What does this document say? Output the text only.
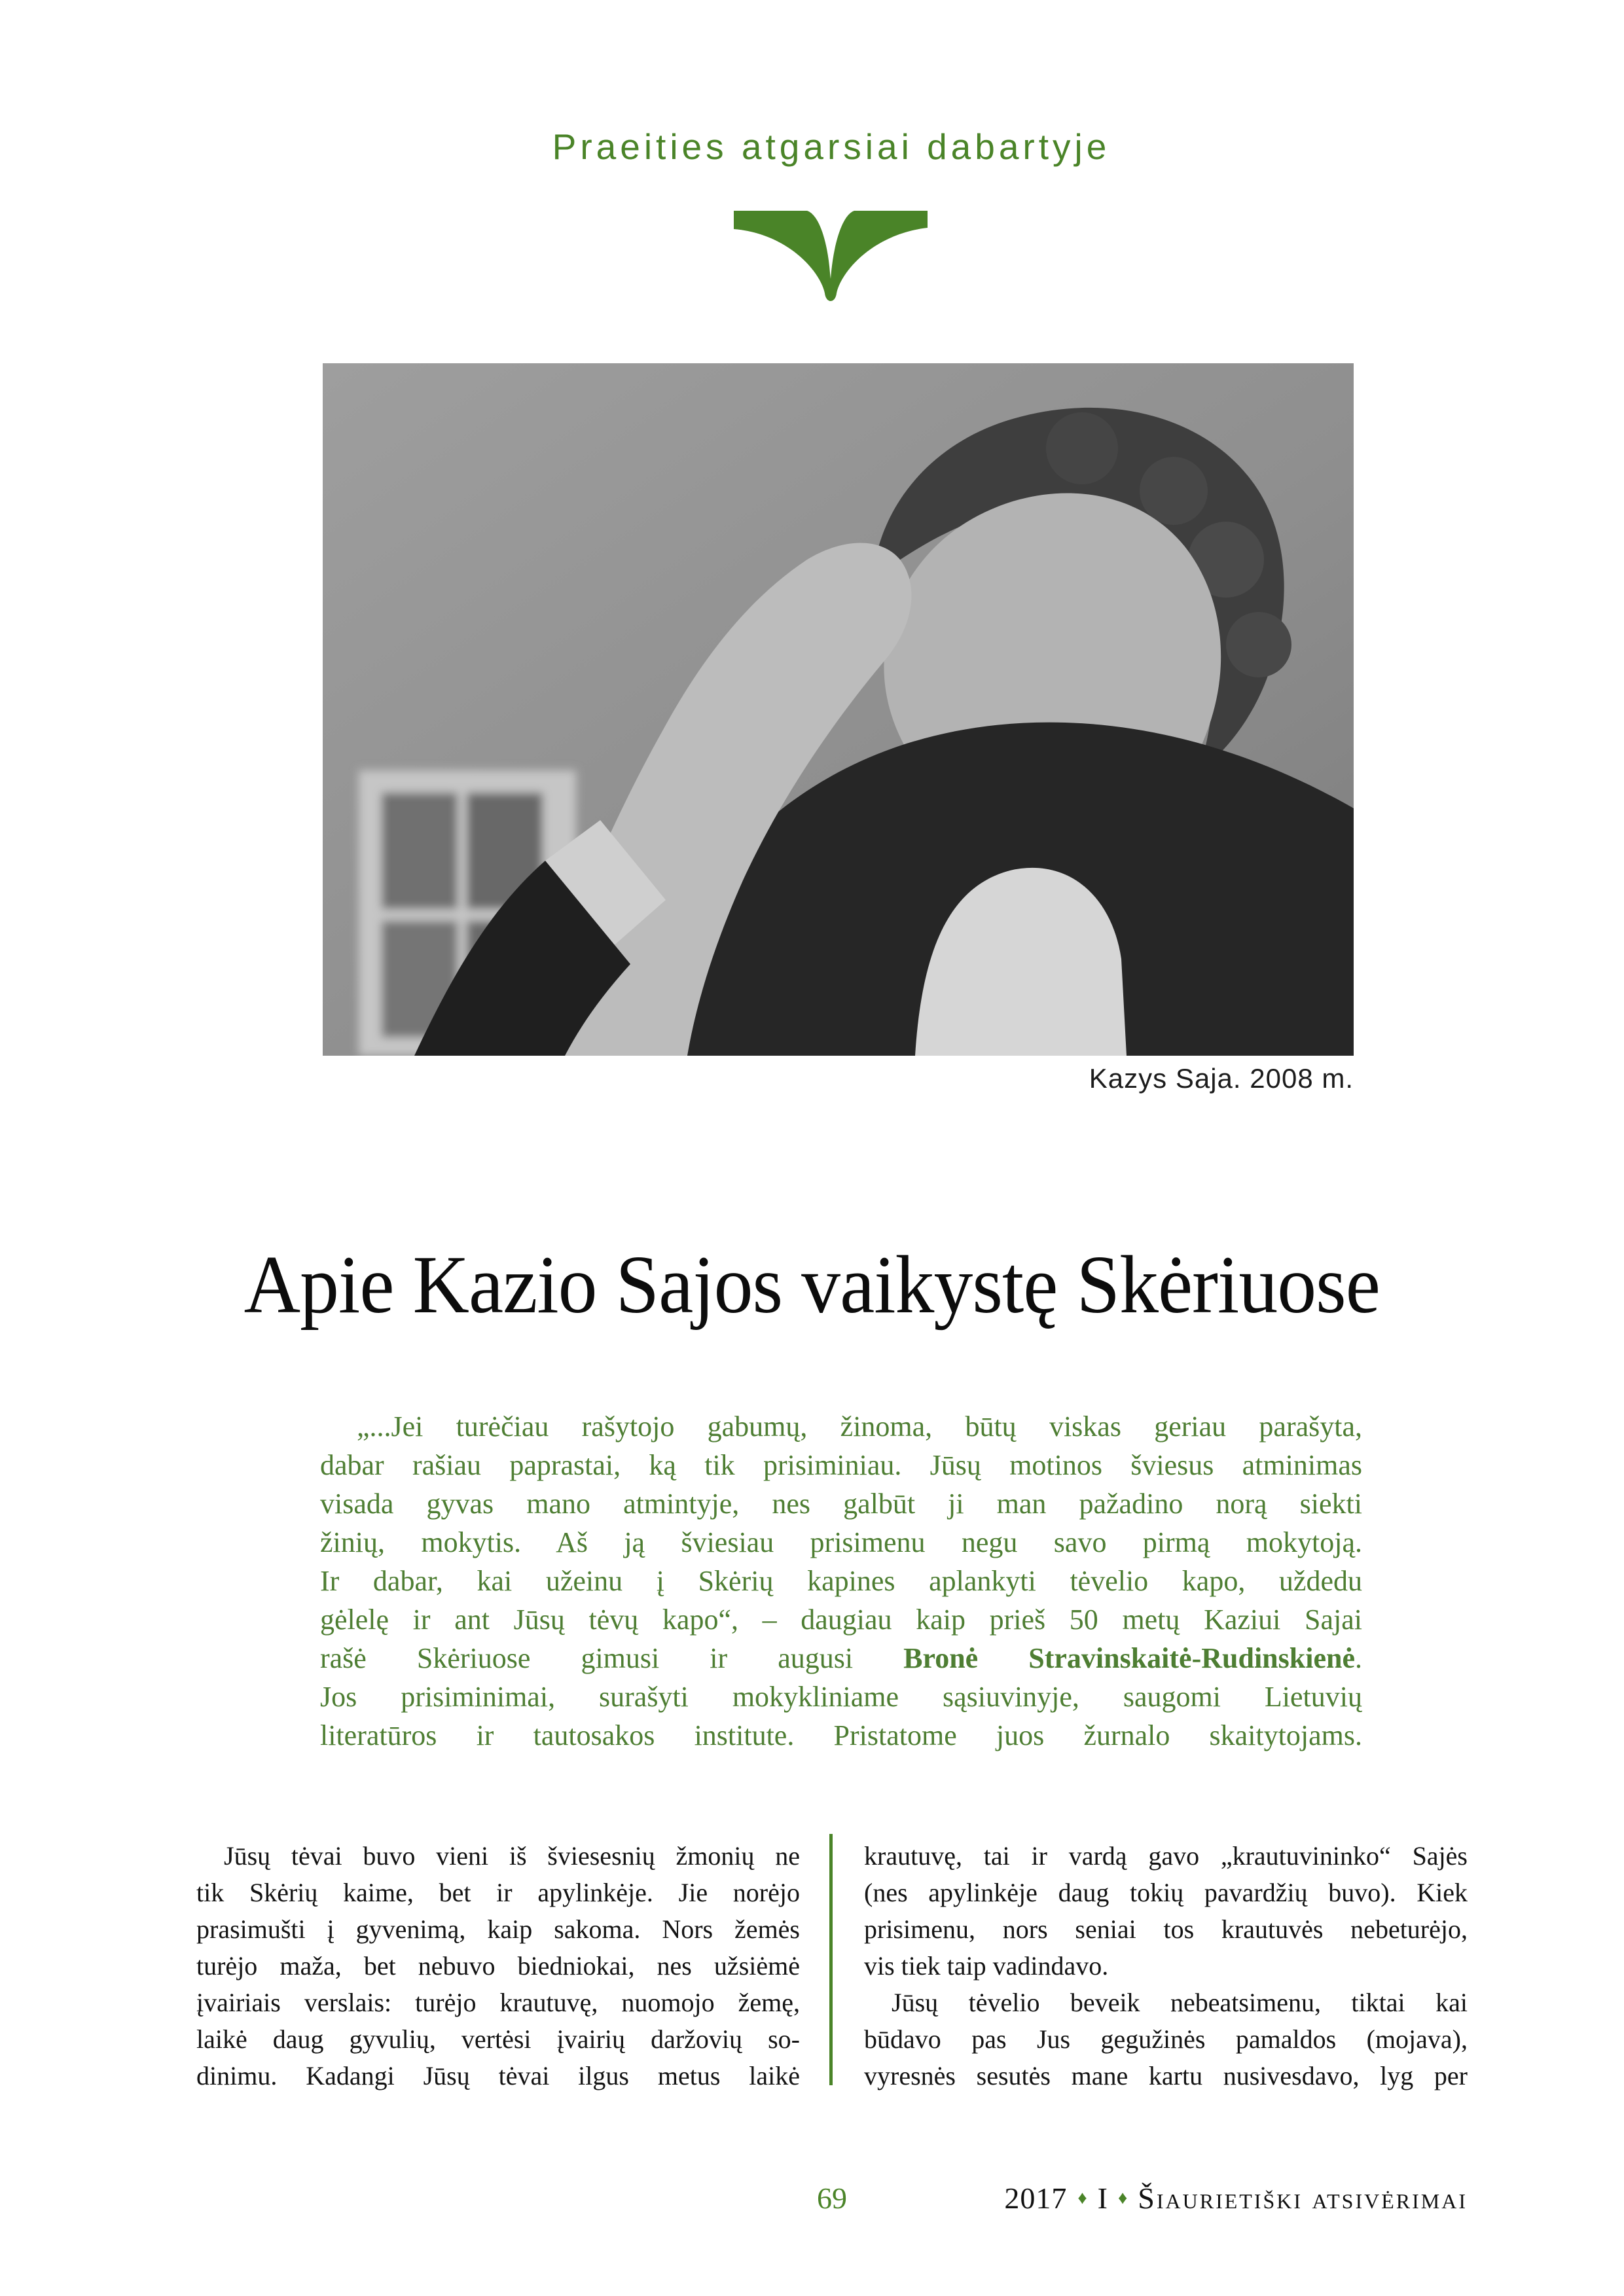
Praeities atgarsiai dabartyje
Kazys Saja. 2008 m.
Apie Kazio Sajos vaikystę Skėriuose
„...Jei turėčiau rašytojo gabumų, žinoma, būtų viskas geriau parašyta,
dabar rašiau paprastai, ką tik prisiminiau. Jūsų motinos šviesus atminimas
visada gyvas mano atmintyje, nes galbūt ji man pažadino norą siekti
žinių, mokytis. Aš ją šviesiau prisimenu negu savo pirmą mokytoją.
Ir dabar, kai užeinu į Skėrių kapines aplankyti tėvelio kapo, uždedu
gėlelę ir ant Jūsų tėvų kapo“, – daugiau kaip prieš 50 metų Kaziui Sajai
rašė Skėriuose gimusi ir augusi Bronė Stravinskaitė-Rudinskienė.
Jos prisiminimai, surašyti mokykliniame sąsiuvinyje, saugomi Lietuvių
literatūros ir tautosakos institute. Pristatome juos žurnalo skaitytojams.
Jūsų tėvai buvo vieni iš šviesesnių žmonių ne
tik Skėrių kaime, bet ir apylinkėje. Jie norėjo
prasimušti į gyvenimą, kaip sakoma. Nors žemės
turėjo maža, bet nebuvo biedniokai, nes užsiėmė
įvairiais verslais: turėjo krautuvę, nuomojo žemę,
laikė daug gyvulių, vertėsi įvairių daržovių so-
dinimu. Kadangi Jūsų tėvai ilgus metus laikė
krautuvę, tai ir vardą gavo „krautuvininko“ Sajės
(nes apylinkėje daug tokių pavardžių buvo). Kiek
prisimenu, nors seniai tos krautuvės nebeturėjo,
vis tiek taip vadindavo.
Jūsų tėvelio beveik nebeatsimenu, tiktai kai
būdavo pas Jus gegužinės pamaldos (mojava),
vyresnės sesutės mane kartu nusivesdavo, lyg per
69	2017 ♦ I ♦ Šiaurietiški atsivėrimai
